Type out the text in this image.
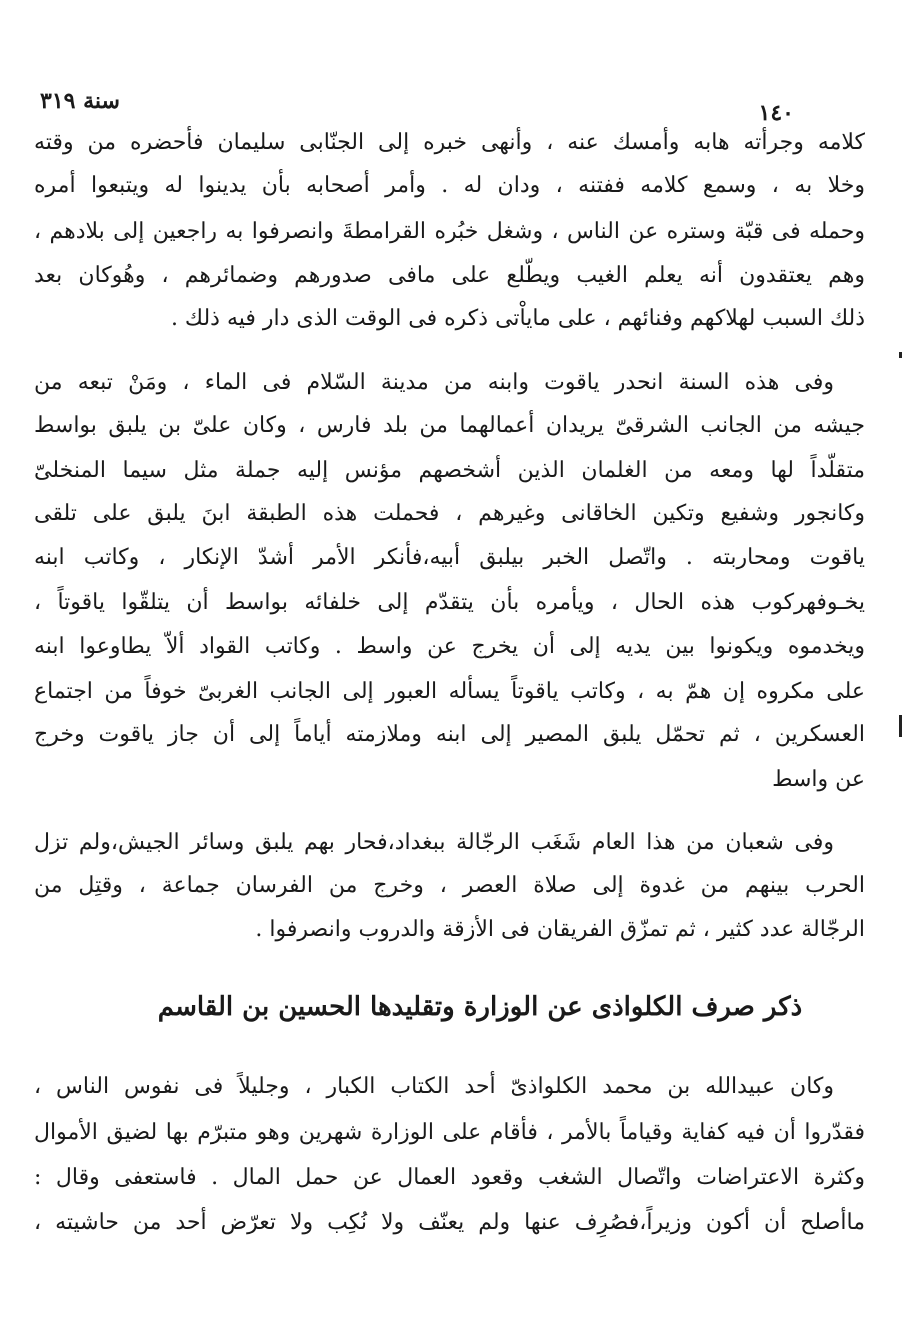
سنة ٣١٩	١٤٠
كلامه وجرأته هابه وأمسك عنه ، وأنهى خبره إلى الجنّابى سليمان فأحضره من وقته
وخلا به ، وسمع كلامه ففتنه ، ودان له . وأمر أصحابه بأن يدينوا له ويتبعوا أمره
وحمله فى قبّة وستره عن الناس ، وشغل خبُره القرامطةَ وانصرفوا به راجعين إلى بلادهم ،
وهم يعتقدون أنه يعلم الغيب ويطّلع على مافى صدورهم وضمائرهم ، وهُوكان بعد
ذلك السبب لهلاكهم وفنائهم ، على ماياْتى ذكره فى الوقت الذى دار فيه ذلك .
وفى هذه السنة انحدر ياقوت وابنه من مدينة السّلام فى الماء ، ومَنْ تبعه من
جيشه من الجانب الشرقىّ يريدان أعمالهما من بلد فارس ، وكان علىّ بن يلبق بواسط
متقلّداً لها ومعه من الغلمان الذين أشخصهم مؤنس إليه جملة مثل سيما المنخلىّ
وكانجور وشفيع وتكين الخاقانى وغيرهم ، فحملت هذه الطبقة ابنَ يلبق على تلقى
ياقوت ومحاربته . واتّصل الخبر بيلبق أبيه،فأنكر الأمر أشدّ الإنكار ، وكاتب ابنه
يخـوفهركوب هذه الحال ، ويأمره بأن يتقدّم إلى خلفائه بواسط أن يتلقّوا ياقوتاً ،
ويخدموه ويكونوا بين يديه إلى أن يخرج عن واسط . وكاتب القواد ألاّ يطاوعوا ابنه
على مكروه إن همّ به ، وكاتب ياقوتاً يسأله العبور إلى الجانب الغربىّ خوفاً من اجتماع
العسكرين ، ثم تحمّل يلبق المصير إلى ابنه وملازمته أياماً إلى أن جاز ياقوت وخرج
عن واسط
وفى شعبان من هذا العام شَغَب الرجّالة ببغداد،فحار بهم يلبق وسائر الجيش،ولم تزل
الحرب بينهم من غدوة إلى صلاة العصر ، وخرج من الفرسان جماعة ، وقتِل من
الرجّالة عدد كثير ، ثم تمزّق الفريقان فى الأزقة والدروب وانصرفوا .
ذكر صرف الكلواذى عن الوزارة وتقليدها الحسين بن القاسم
وكان عبيدالله بن محمد الكلواذىّ أحد الكتاب الكبار ، وجليلاً فى نفوس الناس ،
فقدّروا أن فيه كفاية وقياماً بالأمر ، فأقام على الوزارة شهرين وهو متبرّم بها لضيق الأموال
وكثرة الاعتراضات واتّصال الشغب وقعود العمال عن حمل المال . فاستعفى وقال :
ماأصلح أن أكون وزيراً،فصُرِف عنها ولم يعنّف ولا نُكِب ولا تعرّض أحد من حاشيته ،
